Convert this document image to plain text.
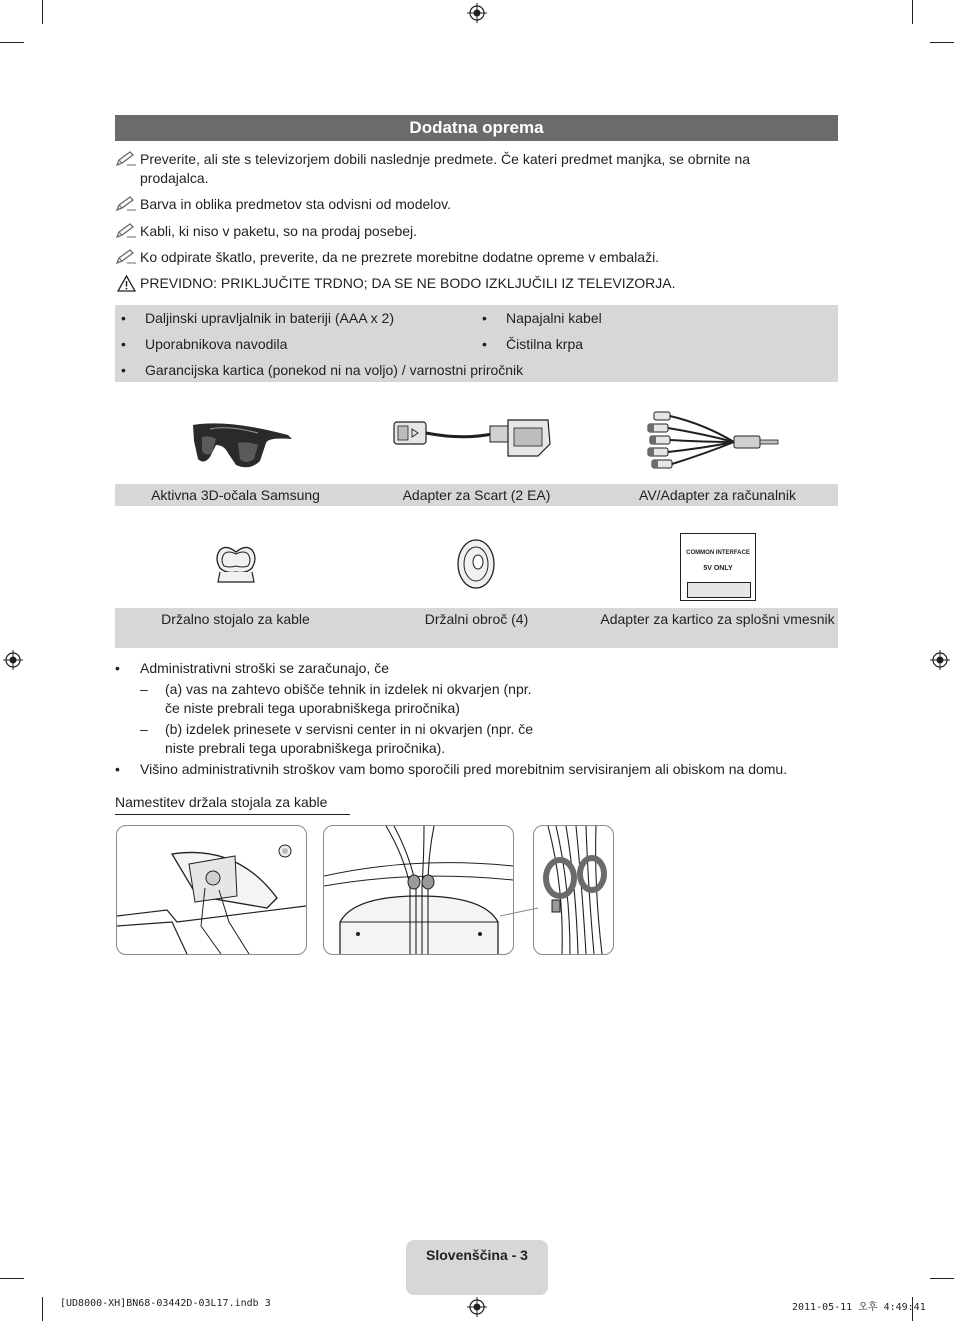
Dodatna oprema
Preverite, ali ste s televizorjem dobili naslednje predmete. Če kateri predmet manjka, se obrnite na prodajalca.
Barva in oblika predmetov sta odvisni od modelov.
Kabli, ki niso v paketu, so na prodaj posebej.
Ko odpirate škatlo, preverite, da ne prezrete morebitne dodatne opreme v embalaži.
PREVIDNO: PRIKLJUČITE TRDNO; DA SE NE BODO IZKLJUČILI IZ TELEVIZORJA.
•	Daljinski upravljalnik in bateriji (AAA x 2)	•	Napajalni kabel
•	Uporabnikova navodila	•	Čistilna krpa
•	Garancijska kartica (ponekod ni na voljo) / varnostni priročnik
Aktivna 3D-očala Samsung	Adapter za Scart (2 EA)	AV/Adapter za računalnik
COMMON INTERFACE
5V ONLY
Držalno stojalo za kable	Držalni obroč (4)	Adapter za kartico za splošni vmesnik
•	Administrativni stroški se zaračunajo, če
–	(a) vas na zahtevo obišče tehnik in izdelek ni okvarjen (npr. če niste prebrali tega uporabniškega priročnika)
–	(b) izdelek prinesete v servisni center in ni okvarjen (npr. če niste prebrali tega uporabniškega priročnika).
•	Višino administrativnih stroškov vam bomo sporočili pred morebitnim servisiranjem ali obiskom na domu.
Namestitev držala stojala za kable
Slovenščina - 3
[UD8000-XH]BN68-03442D-03L17.indb 3	2011-05-11 오후 4:49:41
